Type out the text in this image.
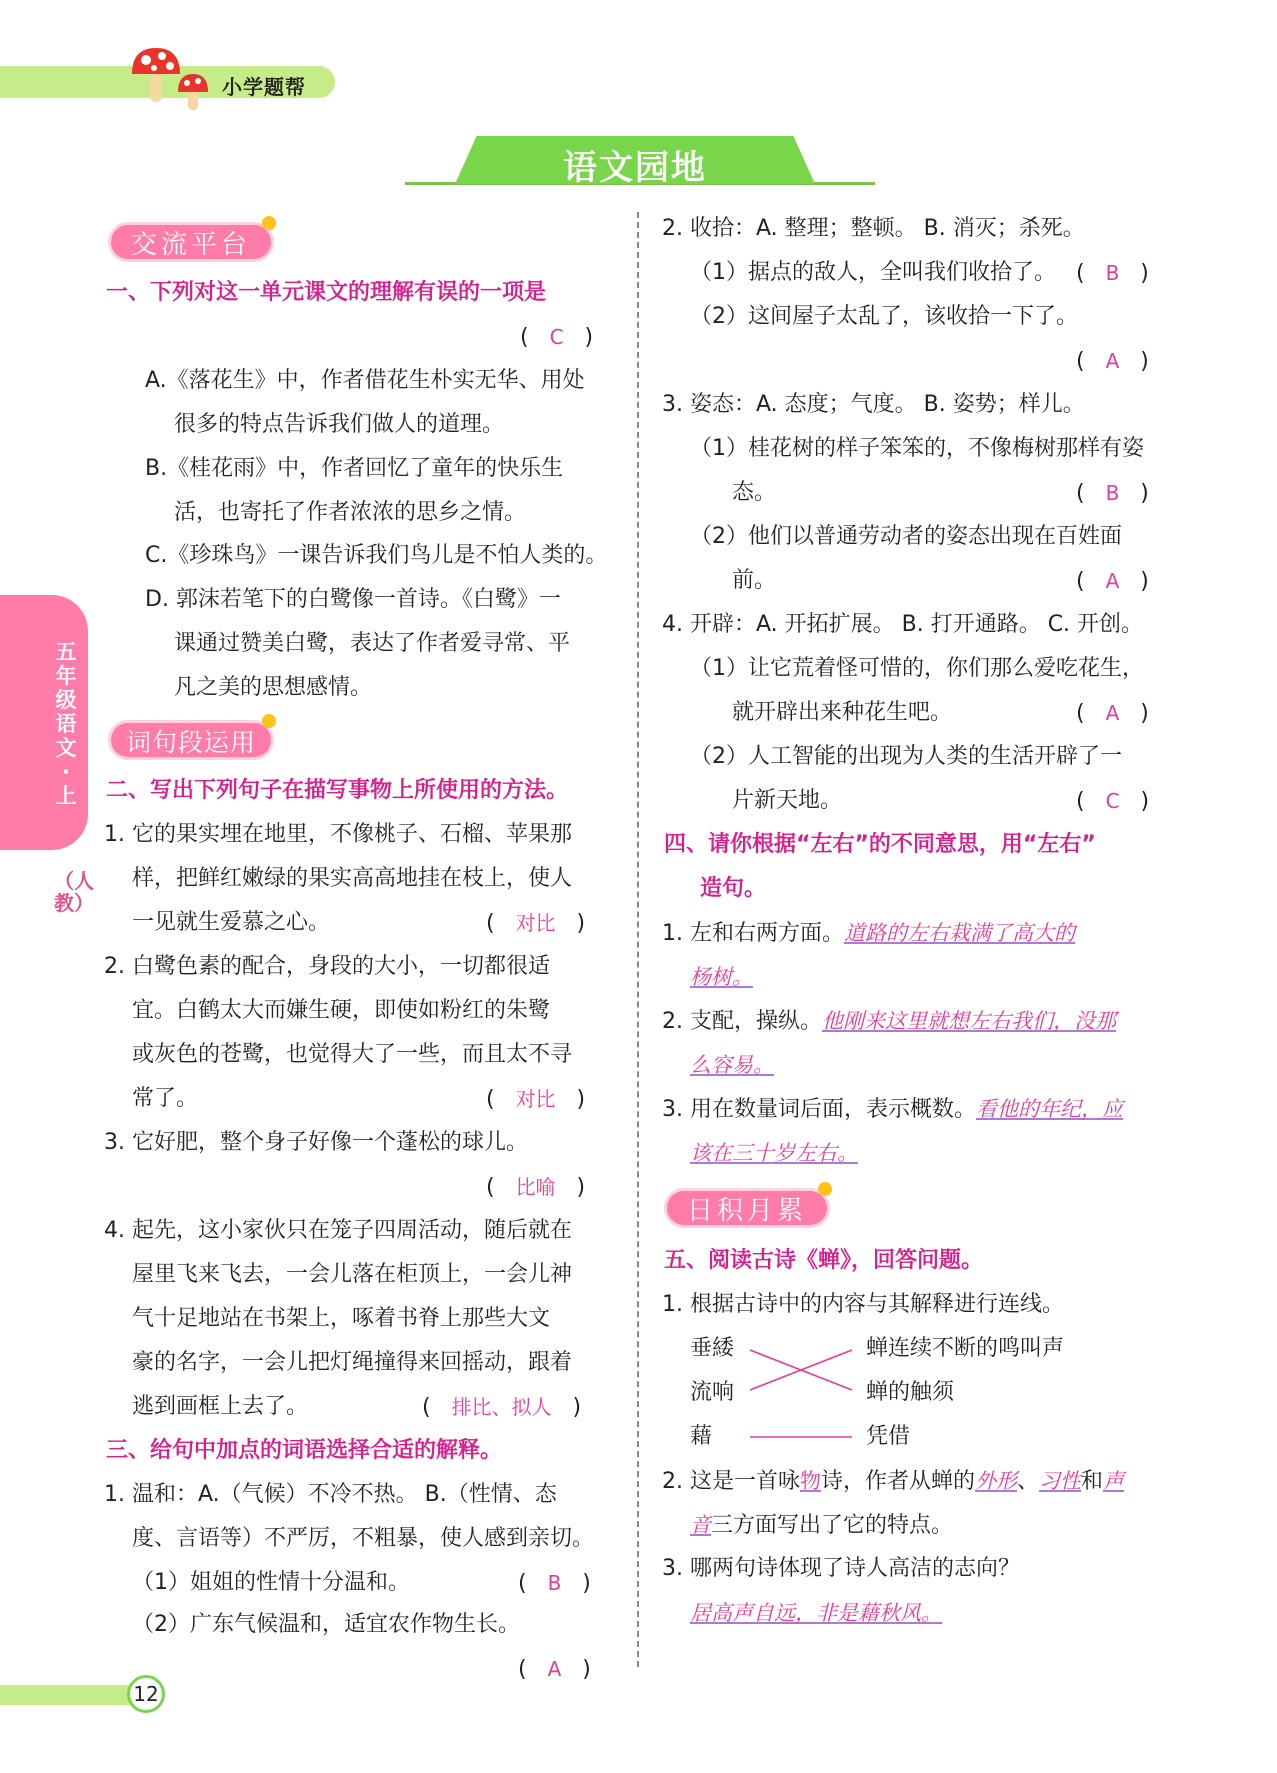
小学题帮
语文园地
五年级语文·上
（人教）
交流平台
一、下列对这一单元课文的理解有误的一项是
(   C   )
A.《落花生》中，作者借花生朴实无华、用处
很多的特点告诉我们做人的道理。
B.《桂花雨》中，作者回忆了童年的快乐生
活，也寄托了作者浓浓的思乡之情。
C.《珍珠鸟》一课告诉我们鸟儿是不怕人类的。
D. 郭沫若笔下的白鹭像一首诗。《白鹭》一
课通过赞美白鹭，表达了作者爱寻常、平
凡之美的思想感情。
词句段运用
二、写出下列句子在描写事物上所使用的方法。
1. 它的果实埋在地里，不像桃子、石榴、苹果那
样，把鲜红嫩绿的果实高高地挂在枝上，使人
一见就生爱慕之心。	(   对比   )
2. 白鹭色素的配合，身段的大小，一切都很适
宜。白鹤太大而嫌生硬，即使如粉红的朱鹭
或灰色的苍鹭，也觉得大了一些，而且太不寻
常了。	(   对比   )
3. 它好肥，整个身子好像一个蓬松的球儿。
(   比喻   )
4. 起先，这小家伙只在笼子四周活动，随后就在
屋里飞来飞去，一会儿落在柜顶上，一会儿神
气十足地站在书架上，啄着书脊上那些大文
豪的名字，一会儿把灯绳撞得来回摇动，跟着
逃到画框上去了。	(   排比、拟人   )
三、给句中加点的词语选择合适的解释。
1. 温和：A.（气候）不冷不热。 B.（性情、态
度、言语等）不严厉，不粗暴，使人感到亲切。
（1）姐姐的性情十分温和。	(   B   )
（2）广东气候温和，适宜农作物生长。
(   A   )
2. 收拾：A. 整理；整顿。 B. 消灭；杀死。
（1）据点的敌人，全叫我们收拾了。 (   B   )
（2）这间屋子太乱了，该收拾一下了。
(   A   )
3. 姿态：A. 态度；气度。 B. 姿势；样儿。
（1）桂花树的样子笨笨的，不像梅树那样有姿
态。	(   B   )
（2）他们以普通劳动者的姿态出现在百姓面
前。	(   A   )
4. 开辟：A. 开拓扩展。 B. 打开通路。 C. 开创。
（1）让它荒着怪可惜的，你们那么爱吃花生，
就开辟出来种花生吧。	(   A   )
（2）人工智能的出现为人类的生活开辟了一
片新天地。	(   C   )
四、请你根据“左右”的不同意思，用“左右”
造句。
1. 左和右两方面。道路的左右栽满了高大的
杨树。
2. 支配，操纵。他刚来这里就想左右我们，没那
么容易。
3. 用在数量词后面，表示概数。看他的年纪，应
该在三十岁左右。
日积月累
五、阅读古诗《蝉》，回答问题。
1. 根据古诗中的内容与其解释进行连线。
垂緌
流响
藉
蝉连续不断的鸣叫声
蝉的触须
凭借
2. 这是一首咏物诗，作者从蝉的外形、习性和声
音三方面写出了它的特点。
3. 哪两句诗体现了诗人高洁的志向？
居高声自远，非是藉秋风。
12
